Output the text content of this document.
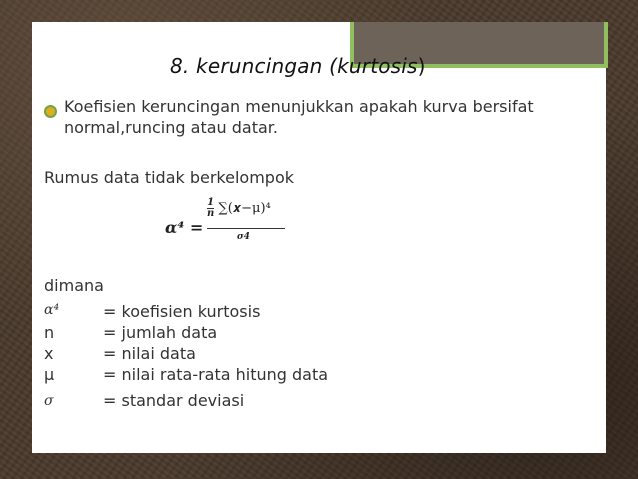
8. keruncingan (kurtosis)
Koefisien keruncingan menunjukkan apakah kurva bersifat normal,runcing atau datar.
Rumus data tidak berkelompok
α⁴ =
$\frac{1}{n}$ ∑(𝒙−μ)⁴
σ4
dimana
α⁴	= koefisien kurtosis
n	= jumlah data
x	= nilai data
μ	= nilai rata-rata hitung data
σ	= standar deviasi
